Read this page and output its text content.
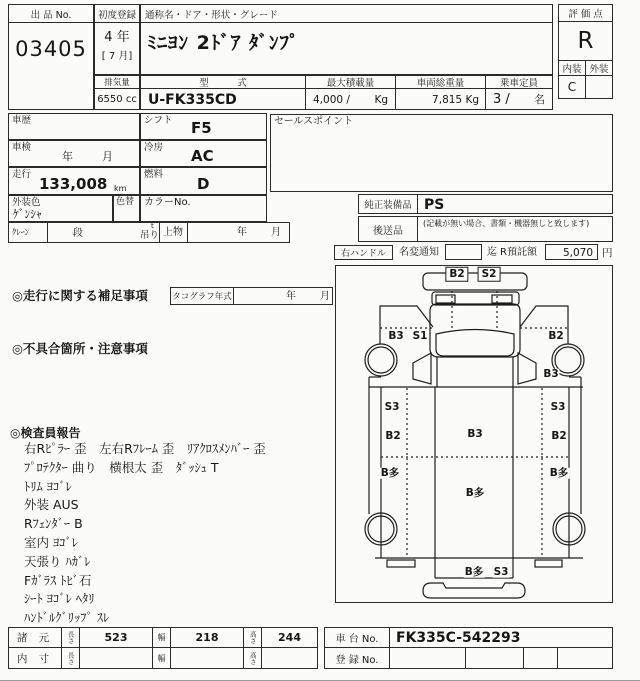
出 品 No.
03405
初度登録
4 年
[ 7 月]
通称名・ドア・形状・グレード
ﾐﾆﾖﾝ 2ﾄﾞｱ ﾀﾞﾝﾌﾟ
排気量
6550 cc
型　　　式
U-FK335CD
最大積載量
4,000 / Kg
車両総重量
7,815 Kg
乗車定員
3 / 名
評 価 点
R
内装 外装
C
車歴	シフト F5
車検
年	月
冷房 AC
走行
133,008 km
燃料
D
外装色
ｹﾞﾝｼｬ
色替 カラーNo.
ｸﾚｰﾝ	段
t
吊り 上物	年 月
セールスポイント
純正装備品 PS
後送品
(記載が無い場合、書類・機器無しと致します)
右ハンドル	名変通知	迄 R預託額 5,070 円
◎走行に関する補足事項	タコグラフ年式	年 月
◎不具合箇所・注意事項
◎検査員報告
右Rﾋﾟﾗｰ 歪　左右Rﾌﾚｰﾑ 歪　ﾘｱｸﾛｽﾒﾝﾊﾞｰ 歪
ﾌﾟﾛﾃｸﾀｰ 曲り　横根太 歪　ﾀﾞｯｼｭ T
ﾄﾘﾑ ﾖｺﾞﾚ
外装 AUS
Rﾌｪﾝﾀﾞｰ B
室内 ﾖｺﾞﾚ
天張り ﾊｶﾞﾚ
Fｶﾞﾗｽ ﾄﾋﾞ石
ｼｰﾄ ﾖｺﾞﾚ ﾍﾀﾘ
ﾊﾝﾄﾞﾙｸﾞﾘｯﾌﾟ ｽﾚ
B2	S2
B3 S1	B2
B3
S3	S3
B2	B3	B2
B多	B多
B多
B多 S3
諸 元	長さ	523	幅	218	高さ	244
内 寸	長さ	幅	高さ
車 台 No.	FK335C-542293
登 録 No.
